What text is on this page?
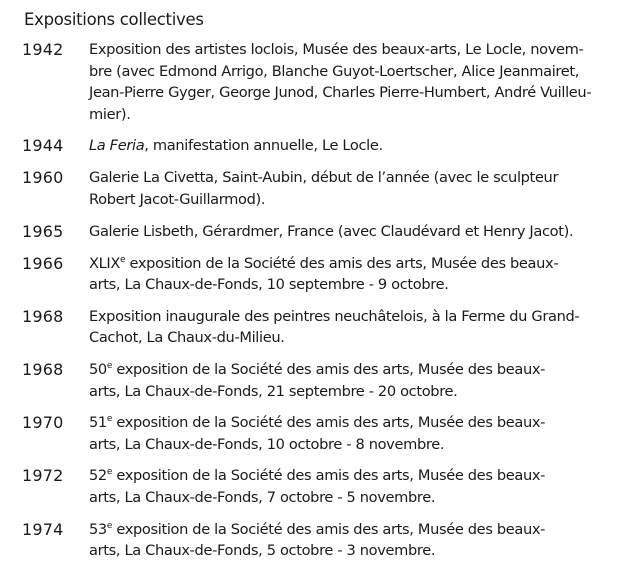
Expositions collectives
1942	Exposition des artistes loclois, Musée des beaux-arts, Le Locle, novem-
bre (avec Edmond Arrigo, Blanche Guyot-Loertscher, Alice Jeanmairet,
Jean-Pierre Gyger, George Junod, Charles Pierre-Humbert, André Vuilleu-
mier).
1944	La Feria, manifestation annuelle, Le Locle.
1960	Galerie La Civetta, Saint-Aubin, début de l’année (avec le sculpteur
Robert Jacot-Guillarmod).
1965	Galerie Lisbeth, Gérardmer, France (avec Claudévard et Henry Jacot).
1966	XLIXe exposition de la Société des amis des arts, Musée des beaux-
arts, La Chaux-de-Fonds, 10 septembre - 9 octobre.
1968	Exposition inaugurale des peintres neuchâtelois, à la Ferme du Grand-
Cachot, La Chaux-du-Milieu.
1968	50e exposition de la Société des amis des arts, Musée des beaux-
arts, La Chaux-de-Fonds, 21 septembre - 20 octobre.
1970	51e exposition de la Société des amis des arts, Musée des beaux-
arts, La Chaux-de-Fonds, 10 octobre - 8 novembre.
1972	52e exposition de la Société des amis des arts, Musée des beaux-
arts, La Chaux-de-Fonds, 7 octobre - 5 novembre.
1974	53e exposition de la Société des amis des arts, Musée des beaux-
arts, La Chaux-de-Fonds, 5 octobre - 3 novembre.
